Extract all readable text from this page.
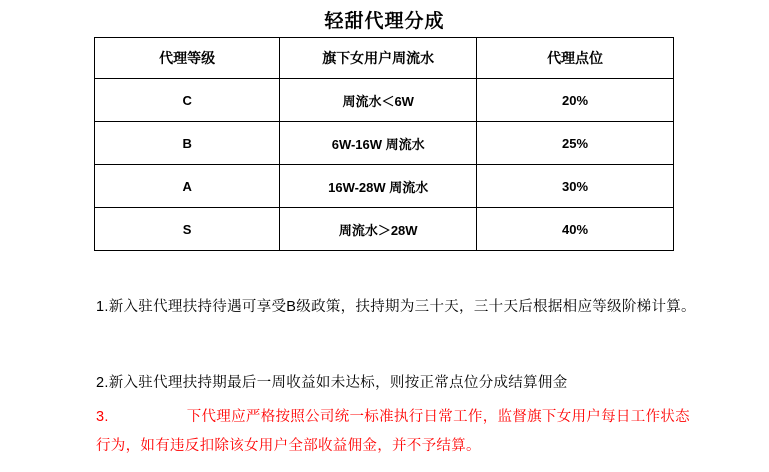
轻甜代理分成
代理等级	旗下女用户周流水	代理点位
C	周流水＜6W	20%
B	6W-16W 周流水	25%
A	16W-28W 周流水	30%
S	周流水＞28W	40%
1.新入驻代理扶持待遇可享受B级政策，扶持期为三十天，三十天后根据相应等级阶梯计算。
2.新入驻代理扶持期最后一周收益如未达标，则按正常点位分成结算佣金
3.	下代理应严格按照公司统一标准执行日常工作，监督旗下女用户每日工作状态行为，如有违反扣除该女用户全部收益佣金，并不予结算。
